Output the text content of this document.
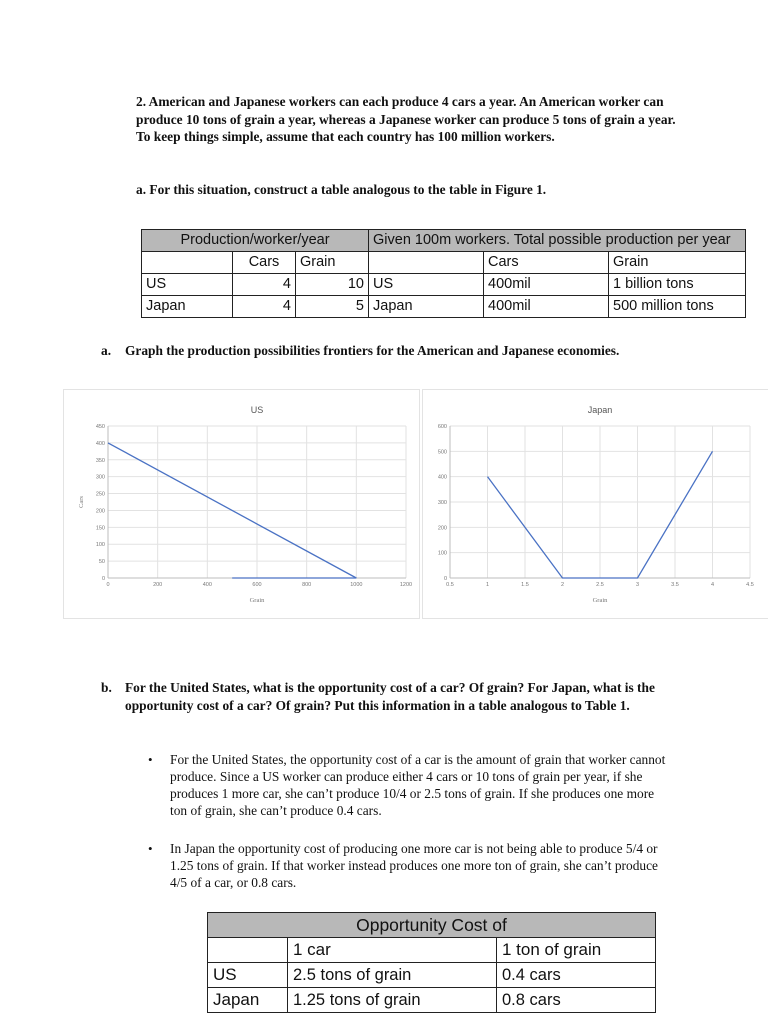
2. American and Japanese workers can each produce 4 cars a year. An American worker can produce 10 tons of grain a year, whereas a Japanese worker can produce 5 tons of grain a year. To keep things simple, assume that each country has 100 million workers.
a. For this situation, construct a table analogous to the table in Figure 1.
Production/worker/year			Given 100m workers. Total possible production per year		
	Cars	Grain		Cars	Grain
US	4	10	US	400mil	1 billion tons
Japan	4	5	Japan	400mil	500 million tons
a. Graph the production possibilities frontiers for the American and Japanese economies.
0
50
100
150
200
250
300
350
400
450
0	200	400	600	800	1000	1200
US
Grain
Cars
0
100
200
300
400
500
600
0.5	1	1.5	2	2.5	3	3.5	4	4.5
Japan
Grain
b. For the United States, what is the opportunity cost of a car? Of grain? For Japan, what is the opportunity cost of a car? Of grain? Put this information in a table analogous to Table 1.
• For the United States, the opportunity cost of a car is the amount of grain that worker cannot produce. Since a US worker can produce either 4 cars or 10 tons of grain per year, if she produces 1 more car, she can’t produce 10/4 or 2.5 tons of grain. If she produces one more ton of grain, she can’t produce 0.4 cars.
• In Japan the opportunity cost of producing one more car is not being able to produce 5/4 or 1.25 tons of grain. If that worker instead produces one more ton of grain, she can’t produce 4/5 of a car, or 0.8 cars.
Opportunity Cost of		
	1 car	1 ton of grain
US	2.5 tons of grain	0.4 cars
Japan	1.25 tons of grain	0.8 cars
